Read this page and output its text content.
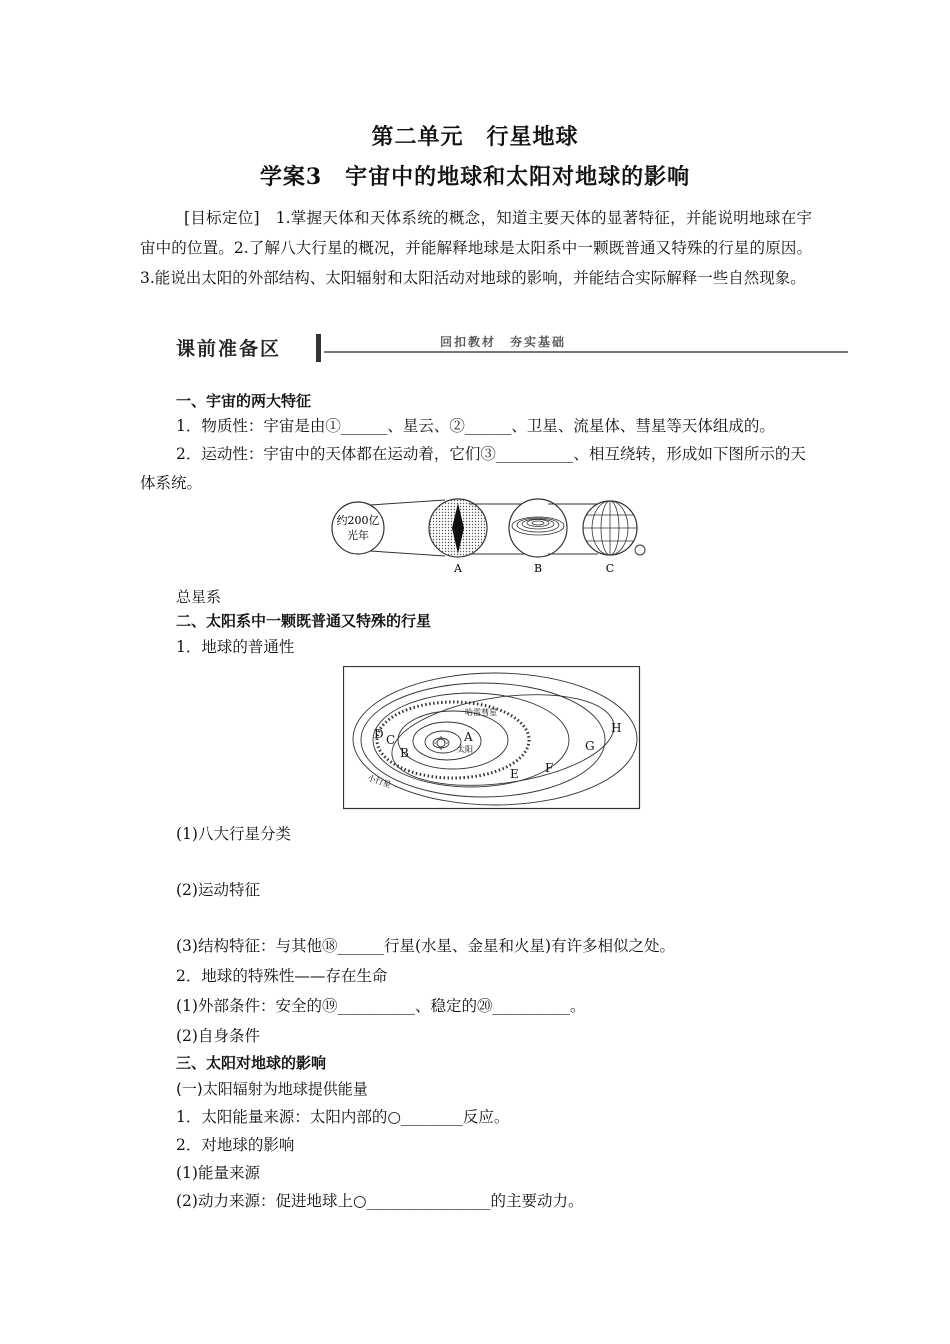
第二单元　行星地球
学案3　宇宙中的地球和太阳对地球的影响
[目标定位]　1.掌握天体和天体系统的概念，知道主要天体的显著特征，并能说明地球在宇宙中的位置。2.了解八大行星的概况，并能解释地球是太阳系中一颗既普通又特殊的行星的原因。3.能说出太阳的外部结构、太阳辐射和太阳活动对地球的影响，并能结合实际解释一些自然现象。
课前准备区	回扣教材　夯实基础
一、宇宙的两大特征
1．物质性：宇宙是由①______、星云、②______、卫星、流星体、彗星等天体组成的。
2．运动性：宇宙中的天体都在运动着，它们③__________、相互绕转，形成如下图所示的天体系统。
约200亿
光年
A	B	C
总星系
二、太阳系中一颗既普通又特殊的行星
1．地球的普通性
A
B
C
D
E F
G
H
哈雷彗星
太阳
小行星
(1)八大行星分类
(2)运动特征
(3)结构特征：与其他⑱______行星(水星、金星和火星)有许多相似之处。
2．地球的特殊性——存在生命
(1)外部条件：安全的⑲__________、稳定的⑳__________。
(2)自身条件
三、太阳对地球的影响
(一)太阳辐射为地球提供能量
1．太阳能量来源：太阳内部的○________反应。
2．对地球的影响
(1)能量来源
(2)动力来源：促进地球上○________________的主要动力。
